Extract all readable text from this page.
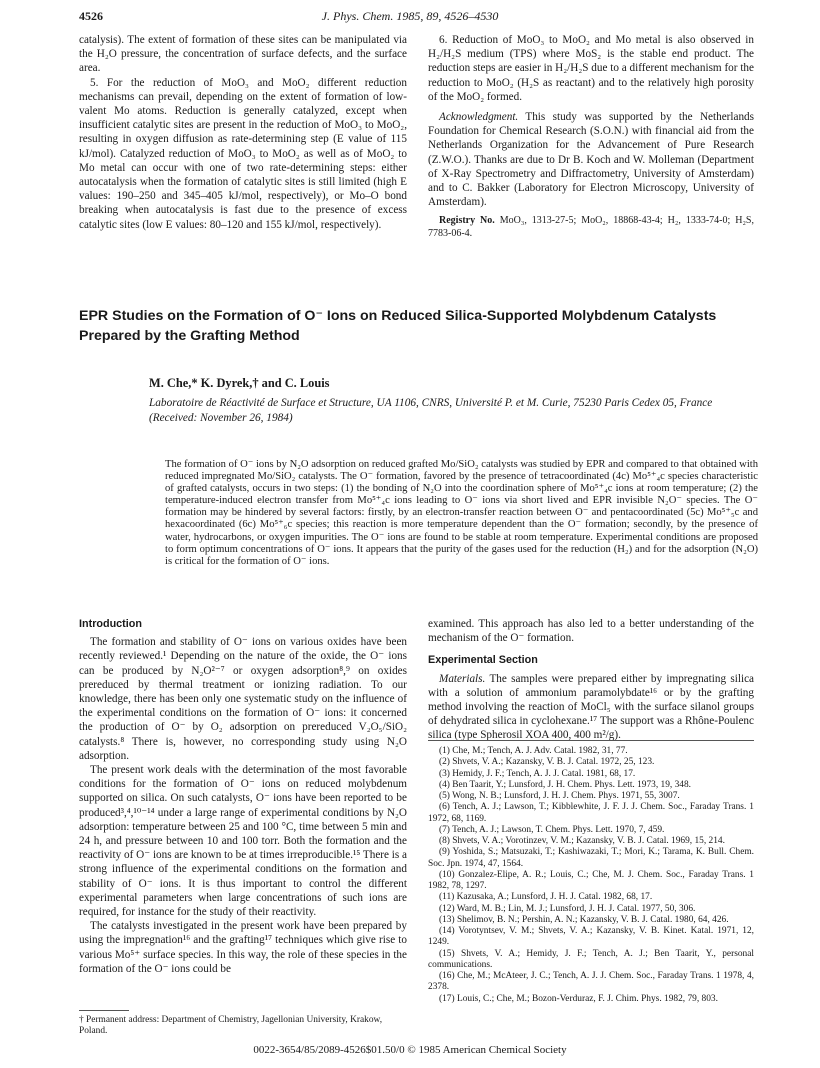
4526	J. Phys. Chem. 1985, 89, 4526–4530

catalysis). The extent of formation of these sites can be manipulated via the H₂O pressure, the concentration of surface defects, and the surface area.

5. For the reduction of MoO₃ and MoO₂ different reduction mechanisms can prevail, depending on the extent of formation of low-valent Mo atoms. Reduction is generally catalyzed, except when insufficient catalytic sites are present in the reduction of MoO₃ to MoO₂, resulting in oxygen diffusion as rate-determining step (E value of 115 kJ/mol). Catalyzed reduction of MoO₃ to MoO₂ as well as of MoO₂ to Mo metal can occur with one of two rate-determining steps: either autocatalysis when the formation of catalytic sites is still limited (high E values: 190–250 and 345–405 kJ/mol, respectively), or Mo–O bond breaking when autocatalysis is fast due to the presence of excess catalytic sites (low E values: 80–120 and 155 kJ/mol, respectively).

6. Reduction of MoO₃ to MoO₂ and Mo metal is also observed in H₂/H₂S medium (TPS) where MoS₂ is the stable end product. The reduction steps are easier in H₂/H₂S due to a different mechanism for the reduction to MoO₂ (H₂S as reactant) and to the relatively high porosity of the MoO₂ formed.

Acknowledgment. This study was supported by the Netherlands Foundation for Chemical Research (S.O.N.) with financial aid from the Netherlands Organization for the Advancement of Pure Research (Z.W.O.). Thanks are due to Dr B. Koch and W. Molleman (Department of X-Ray Spectrometry and Diffractometry, University of Amsterdam) and to C. Bakker (Laboratory for Electron Microscopy, University of Amsterdam).

Registry No. MoO₃, 1313-27-5; MoO₂, 18868-43-4; H₂, 1333-74-0; H₂S, 7783-06-4.

EPR Studies on the Formation of O⁻ Ions on Reduced Silica-Supported Molybdenum Catalysts Prepared by the Grafting Method
M. Che,* K. Dyrek,† and C. Louis
Laboratoire de Réactivité de Surface et Structure, UA 1106, CNRS, Université P. et M. Curie, 75230 Paris Cedex 05, France (Received: November 26, 1984)
The formation of O⁻ ions by N₂O adsorption on reduced grafted Mo/SiO₂ catalysts was studied by EPR and compared to that obtained with reduced impregnated Mo/SiO₂ catalysts. The O⁻ formation, favored by the presence of tetracoordinated (4c) Mo⁵⁺₄c species characteristic of grafted catalysts, occurs in two steps: (1) the bonding of N₂O into the coordination sphere of Mo⁵⁺₄c ions at room temperature; (2) the temperature-induced electron transfer from Mo⁵⁺₄c ions leading to O⁻ ions via short lived and EPR invisible N₂O⁻ species. The O⁻ formation may be hindered by several factors: firstly, by an electron-transfer reaction between O⁻ and pentacoordinated (5c) Mo⁵⁺₅c and hexacoordinated (6c) Mo⁵⁺₆c species; this reaction is more temperature dependent than the O⁻ formation; secondly, by the presence of water, hydrocarbons, or oxygen impurities. The O⁻ ions are found to be stable at room temperature. Experimental conditions are proposed to form optimum concentrations of O⁻ ions. It appears that the purity of the gases used for the reduction (H₂) and for the adsorption (N₂O) is critical for the formation of O⁻ ions.
Introduction

The formation and stability of O⁻ ions on various oxides have been recently reviewed.¹ Depending on the nature of the oxide, the O⁻ ions can be produced by N₂O²⁻⁷ or oxygen adsorption⁸,⁹ on oxides prereduced by thermal treatment or ionizing radiation. To our knowledge, there has been only one systematic study on the influence of the experimental conditions on the formation of O⁻ ions: it concerned the production of O⁻ by O₂ adsorption on prereduced V₂O₅/SiO₂ catalysts.⁸ There is, however, no corresponding study using N₂O adsorption.

The present work deals with the determination of the most favorable conditions for the formation of O⁻ ions on reduced molybdenum supported on silica. On such catalysts, O⁻ ions have been reported to be produced³,⁴,¹⁰⁻¹⁴ under a large range of experimental conditions by N₂O adsorption: temperature between 25 and 100 °C, time between 5 min and 24 h, and pressure between 10 and 100 torr. Both the formation and the reactivity of O⁻ ions are known to be at times irreproducible.¹⁵ There is a strong influence of the experimental conditions on the formation and stability of O⁻ ions. It is thus important to control the different experimental parameters when large concentrations of such ions are required, for instance for the study of their reactivity.

The catalysts investigated in the present work have been prepared by using the impregnation¹⁶ and the grafting¹⁷ techniques which give rise to various Mo⁵⁺ surface species. In this way, the role of these species in the formation of the O⁻ ions could be

examined. This approach has also led to a better understanding of the mechanism of the O⁻ formation.

Experimental Section

Materials. The samples were prepared either by impregnating silica with a solution of ammonium paramolybdate¹⁶ or by the grafting method involving the reaction of MoCl₅ with the surface silanol groups of dehydrated silica in cyclohexane.¹⁷ The support was a Rhône-Poulenc silica (type Spherosil XOA 400, 400 m²/g).

(1) Che, M.; Tench, A. J. Adv. Catal. 1982, 31, 77.
(2) Shvets, V. A.; Kazansky, V. B. J. Catal. 1972, 25, 123.
(3) Hemidy, J. F.; Tench, A. J. J. Catal. 1981, 68, 17.
(4) Ben Taarit, Y.; Lunsford, J. H. Chem. Phys. Lett. 1973, 19, 348.
(5) Wong, N. B.; Lunsford, J. H. J. Chem. Phys. 1971, 55, 3007.
(6) Tench, A. J.; Lawson, T.; Kibblewhite, J. F. J. J. Chem. Soc., Faraday Trans. 1 1972, 68, 1169.
(7) Tench, A. J.; Lawson, T. Chem. Phys. Lett. 1970, 7, 459.
(8) Shvets, V. A.; Vorotinzev, V. M.; Kazansky, V. B. J. Catal. 1969, 15, 214.
(9) Yoshida, S.; Matsuzaki, T.; Kashiwazaki, T.; Mori, K.; Tarama, K. Bull. Chem. Soc. Jpn. 1974, 47, 1564.
(10) Gonzalez-Elipe, A. R.; Louis, C.; Che, M. J. Chem. Soc., Faraday Trans. 1 1982, 78, 1297.
(11) Kazusaka, A.; Lunsford, J. H. J. Catal. 1982, 68, 17.
(12) Ward, M. B.; Lin, M. J.; Lunsford, J. H. J. Catal. 1977, 50, 306.
(13) Shelimov, B. N.; Pershin, A. N.; Kazansky, V. B. J. Catal. 1980, 64, 426.
(14) Vorotyntsev, V. M.; Shvets, V. A.; Kazansky, V. B. Kinet. Katal. 1971, 12, 1249.
(15) Shvets, V. A.; Hemidy, J. F.; Tench, A. J.; Ben Taarit, Y., personal communications.
(16) Che, M.; McAteer, J. C.; Tench, A. J. J. Chem. Soc., Faraday Trans. 1 1978, 4, 2378.
(17) Louis, C.; Che, M.; Bozon-Verduraz, F. J. Chim. Phys. 1982, 79, 803.
† Permanent address: Department of Chemistry, Jagellonian University, Krakow, Poland.
0022-3654/85/2089-4526$01.50/0 © 1985 American Chemical Society
